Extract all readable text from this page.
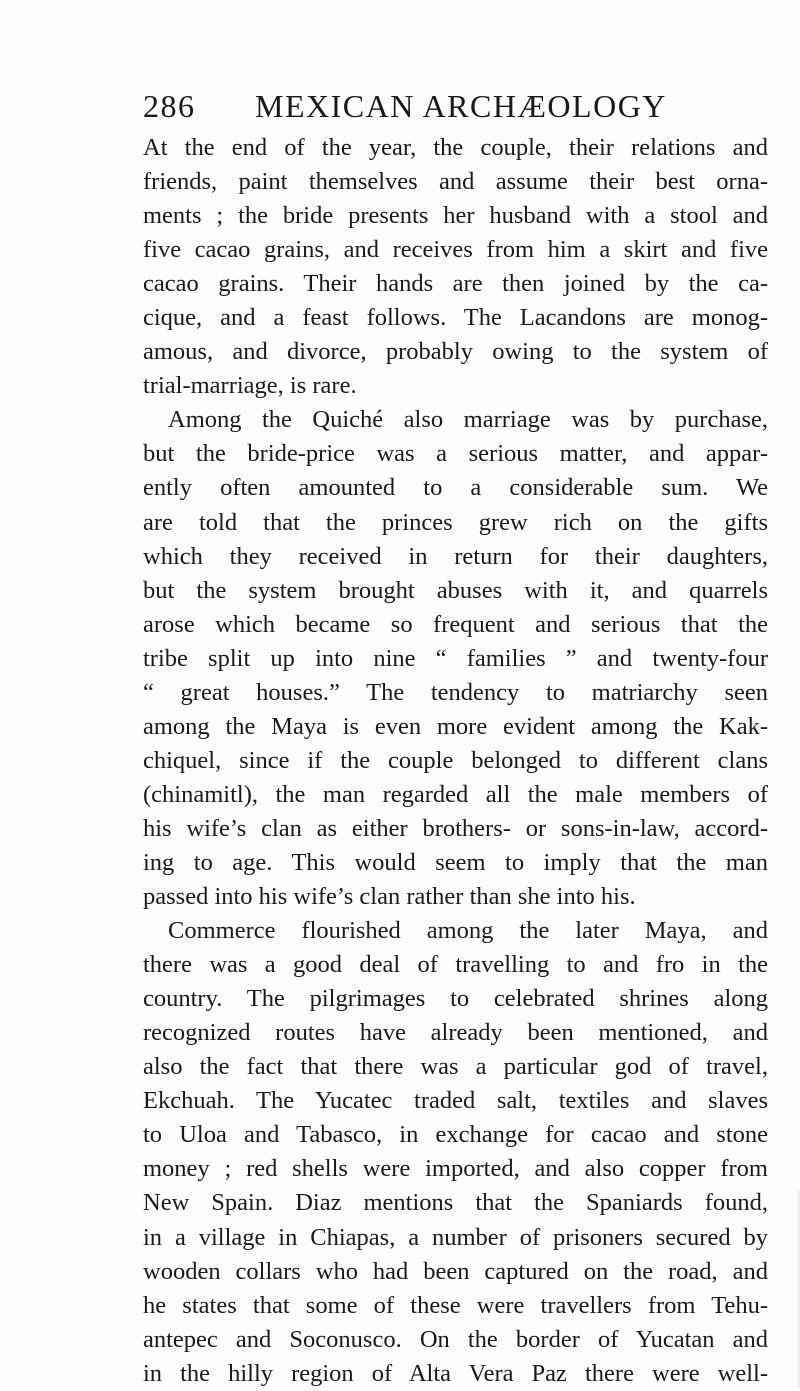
286 MEXICAN ARCHÆOLOGY
At the end of the year, the couple, their relations and
friends, paint themselves and assume their best orna-
ments ; the bride presents her husband with a stool and
five cacao grains, and receives from him a skirt and five
cacao grains. Their hands are then joined by the ca-
cique, and a feast follows. The Lacandons are monog-
amous, and divorce, probably owing to the system of
trial-marriage, is rare.
Among the Quiché also marriage was by purchase,
but the bride-price was a serious matter, and appar-
ently often amounted to a considerable sum. We
are told that the princes grew rich on the gifts
which they received in return for their daughters,
but the system brought abuses with it, and quarrels
arose which became so frequent and serious that the
tribe split up into nine “ families ” and twenty-four
“ great houses.” The tendency to matriarchy seen
among the Maya is even more evident among the Kak-
chiquel, since if the couple belonged to different clans
(chinamitl), the man regarded all the male members of
his wife’s clan as either brothers- or sons-in-law, accord-
ing to age. This would seem to imply that the man
passed into his wife’s clan rather than she into his.
Commerce flourished among the later Maya, and
there was a good deal of travelling to and fro in the
country. The pilgrimages to celebrated shrines along
recognized routes have already been mentioned, and
also the fact that there was a particular god of travel,
Ekchuah. The Yucatec traded salt, textiles and slaves
to Uloa and Tabasco, in exchange for cacao and stone
money ; red shells were imported, and also copper from
New Spain. Diaz mentions that the Spaniards found,
in a village in Chiapas, a number of prisoners secured by
wooden collars who had been captured on the road, and
he states that some of these were travellers from Tehu-
antepec and Soconusco. On the border of Yucatan and
in the hilly region of Alta Vera Paz there were well-
